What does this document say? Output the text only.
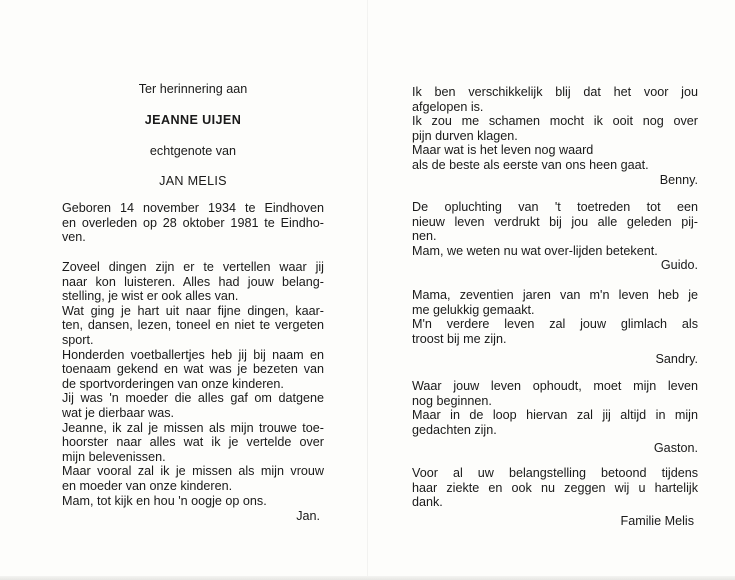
Ter herinnering aan
JEANNE UIJEN
echtgenote van
JAN MELIS
Geboren 14 november 1934 te Eindhoven
en overleden op 28 oktober 1981 te Eindho-
ven.
Zoveel dingen zijn er te vertellen waar jij
naar kon luisteren. Alles had jouw belang-
stelling, je wist er ook alles van.
Wat ging je hart uit naar fijne dingen, kaar-
ten, dansen, lezen, toneel en niet te vergeten
sport.
Honderden voetballertjes heb jij bij naam en
toenaam gekend en wat was je bezeten van
de sportvorderingen van onze kinderen.
Jij was 'n moeder die alles gaf om datgene
wat je dierbaar was.
Jeanne, ik zal je missen als mijn trouwe toe-
hoorster naar alles wat ik je vertelde over
mijn belevenissen.
Maar vooral zal ik je missen als mijn vrouw
en moeder van onze kinderen.
Mam, tot kijk en hou 'n oogje op ons.
Jan.
Ik ben verschikkelijk blij dat het voor jou
afgelopen is.
Ik zou me schamen mocht ik ooit nog over
pijn durven klagen.
Maar wat is het leven nog waard
als de beste als eerste van ons heen gaat.
Benny.
De opluchting van 't toetreden tot een
nieuw leven verdrukt bij jou alle geleden pij-
nen.
Mam, we weten nu wat over-lijden betekent.
Guido.
Mama, zeventien jaren van m'n leven heb je
me gelukkig gemaakt.
M'n verdere leven zal jouw glimlach als
troost bij me zijn.
Sandry.
Waar jouw leven ophoudt, moet mijn leven
nog beginnen.
Maar in de loop hiervan zal jij altijd in mijn
gedachten zijn.
Gaston.
Voor al uw belangstelling betoond tijdens
haar ziekte en ook nu zeggen wij u hartelijk
dank.
Familie Melis
